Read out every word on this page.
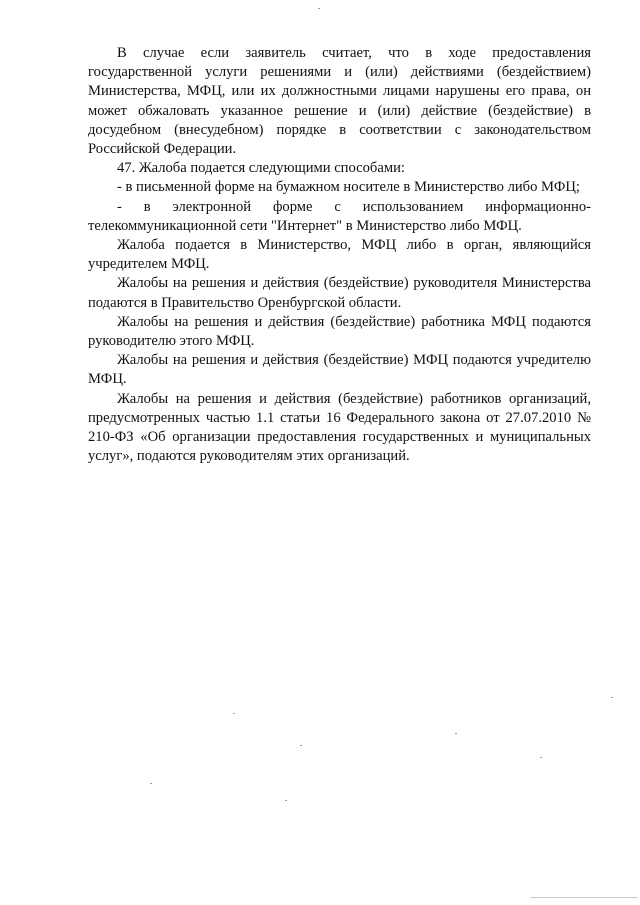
В случае если заявитель считает, что в ходе предоставления государственной услуги решениями и (или) действиями (бездействием) Министерства, МФЦ, или их должностными лицами нарушены его права, он может обжаловать указанное решение и (или) действие (бездействие) в досудебном (внесудебном) порядке в соответствии с законодательством Российской Федерации.

47. Жалоба подается следующими способами:

- в письменной форме на бумажном носителе в Министерство либо МФЦ;

- в электронной форме с использованием информационно-телекоммуникационной сети "Интернет" в Министерство либо МФЦ.

Жалоба подается в Министерство, МФЦ либо в орган, являющийся учредителем МФЦ.

Жалобы на решения и действия (бездействие) руководителя Министерства подаются в Правительство Оренбургской области.

Жалобы на решения и действия (бездействие) работника МФЦ подаются руководителю этого МФЦ.

Жалобы на решения и действия (бездействие) МФЦ подаются учредителю МФЦ.

Жалобы на решения и действия (бездействие) работников организаций, предусмотренных частью 1.1 статьи 16 Федерального закона от 27.07.2010 № 210-ФЗ «Об организации предоставления государственных и муниципальных услуг», подаются руководителям этих организаций.
